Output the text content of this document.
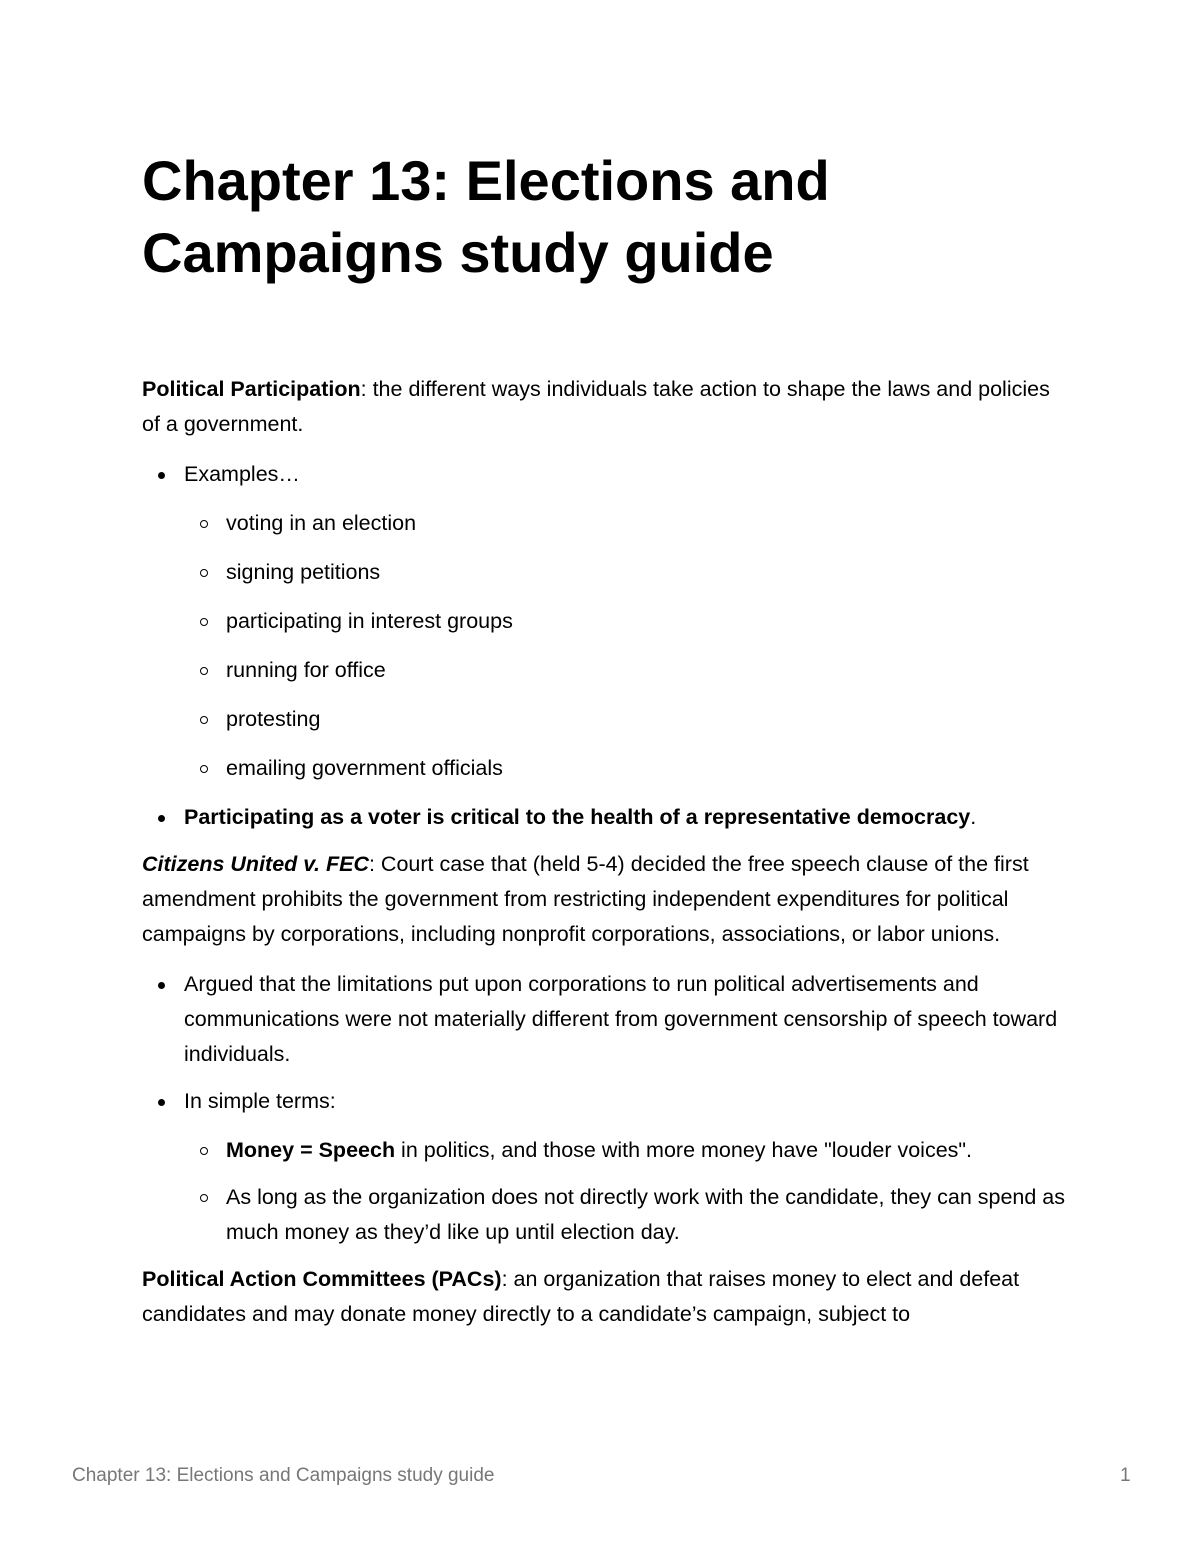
Chapter 13: Elections and Campaigns study guide

Political Participation: the different ways individuals take action to shape the laws and policies of a government.

Examples…
voting in an election
signing petitions
participating in interest groups
running for office
protesting
emailing government officials
Participating as a voter is critical to the health of a representative democracy.

Citizens United v. FEC: Court case that (held 5-4) decided the free speech clause of the first amendment prohibits the government from restricting independent expenditures for political campaigns by corporations, including nonprofit corporations, associations, or labor unions.

Argued that the limitations put upon corporations to run political advertisements and communications were not materially different from government censorship of speech toward individuals.
In simple terms:
Money = Speech in politics, and those with more money have "louder voices".
As long as the organization does not directly work with the candidate, they can spend as much money as they’d like up until election day.

Political Action Committees (PACs): an organization that raises money to elect and defeat candidates and may donate money directly to a candidate’s campaign, subject to

Chapter 13: Elections and Campaigns study guide	1
